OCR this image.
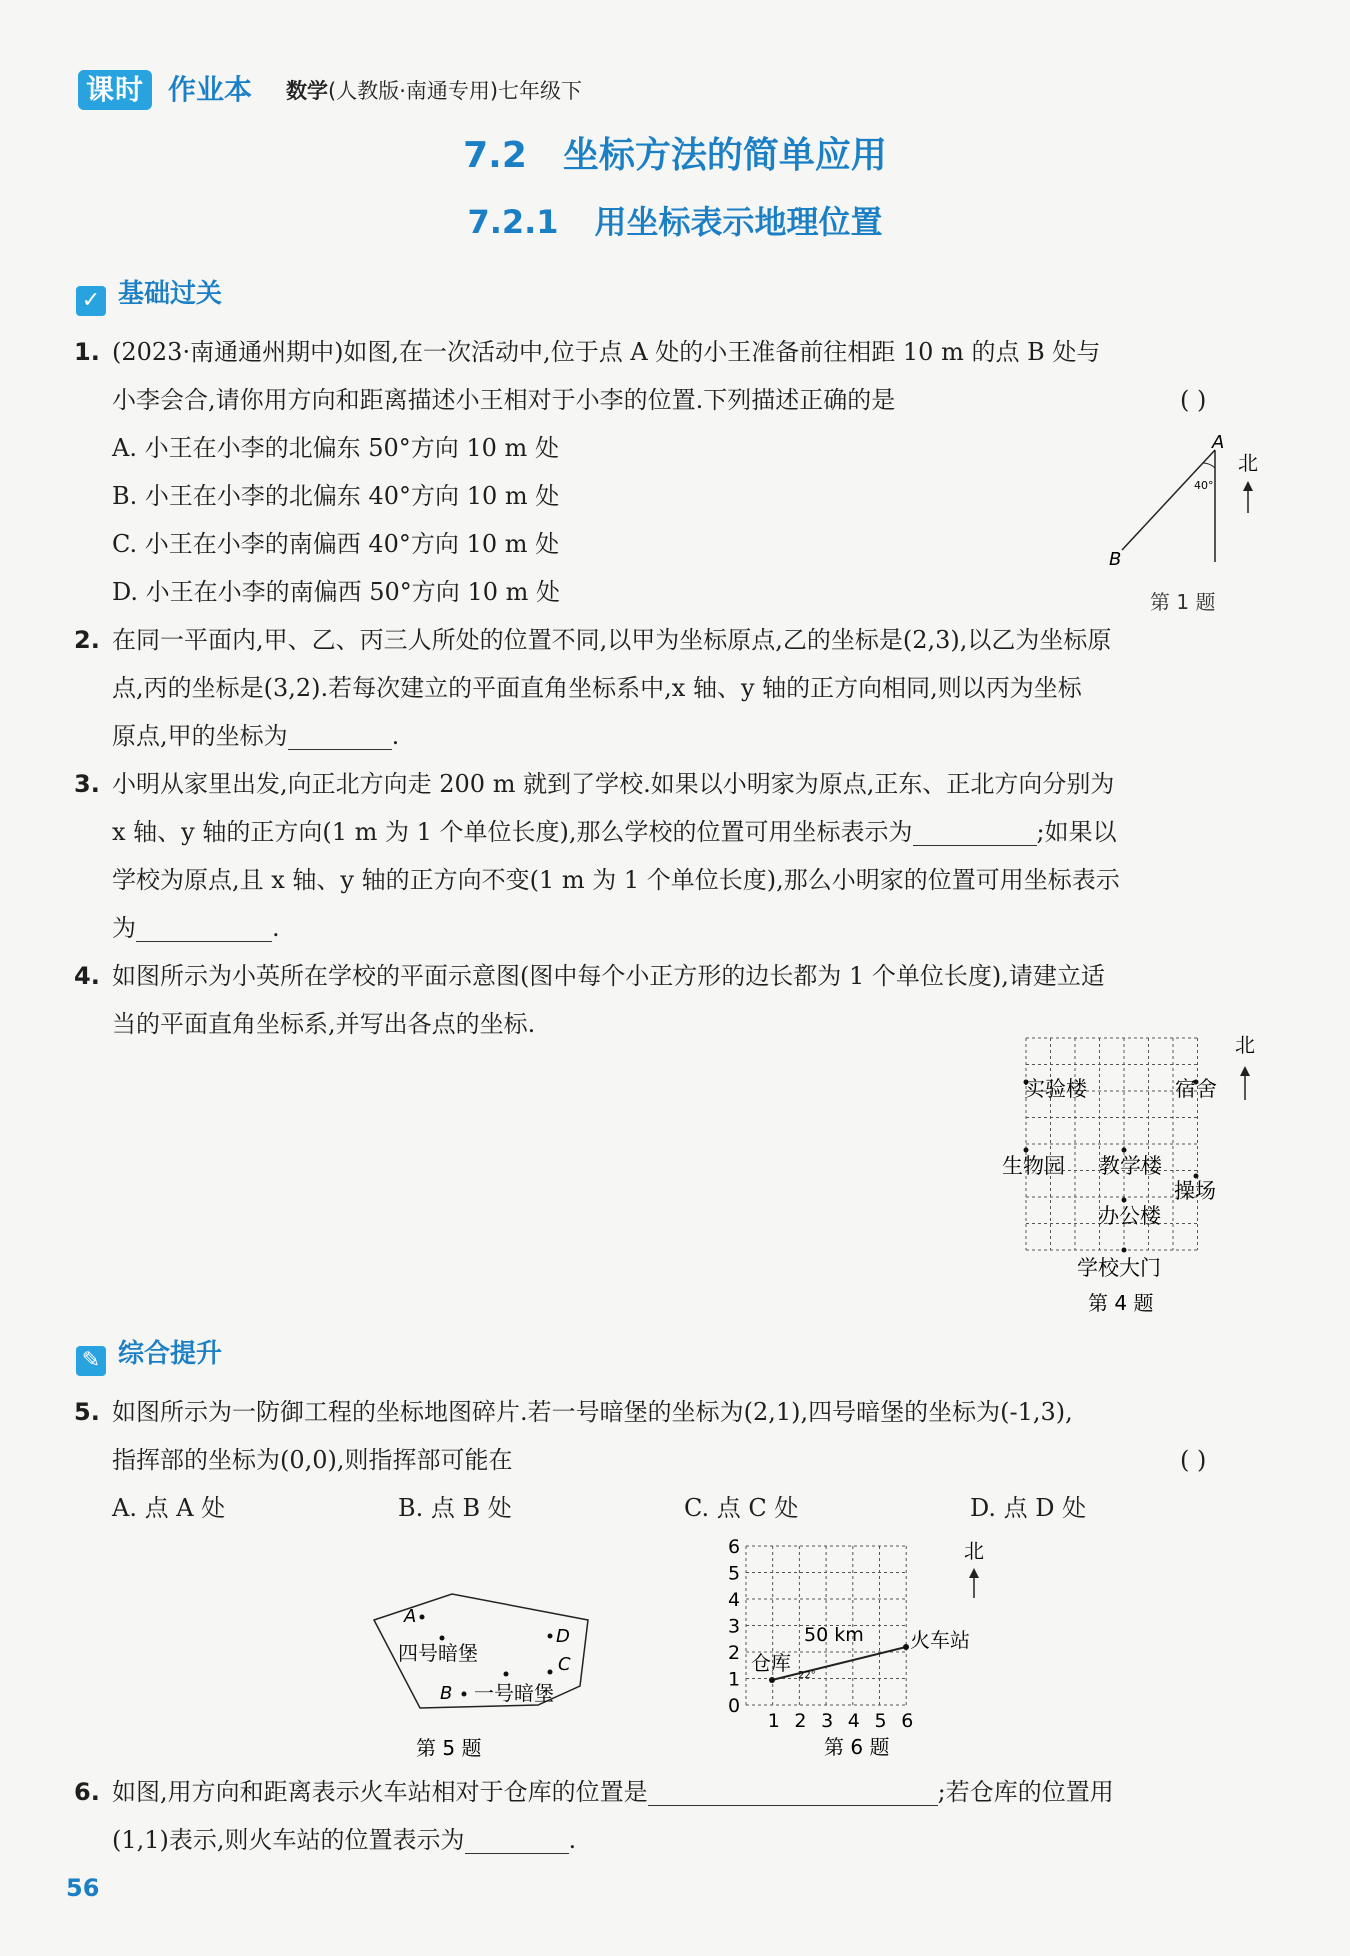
课时 作业本 数学(人教版·南通专用)七年级下
7.2 坐标方法的简单应用
7.2.1 用坐标表示地理位置
✓ 基础过关
1. (2023·南通通州期中)如图,在一次活动中,位于点 A 处的小王准备前往相距 10 m 的点 B 处与
小李会合,请你用方向和距离描述小王相对于小李的位置.下列描述正确的是	( )
A. 小王在小李的北偏东 50°方向 10 m 处
B. 小王在小李的北偏东 40°方向 10 m 处
C. 小王在小李的南偏西 40°方向 10 m 处
D. 小王在小李的南偏西 50°方向 10 m 处
A
B
40°
北
第 1 题
2. 在同一平面内,甲、乙、丙三人所处的位置不同,以甲为坐标原点,乙的坐标是(2,3),以乙为坐标原
点,丙的坐标是(3,2).若每次建立的平面直角坐标系中,x 轴、y 轴的正方向相同,则以丙为坐标
原点,甲的坐标为	.
3. 小明从家里出发,向正北方向走 200 m 就到了学校.如果以小明家为原点,正东、正北方向分别为
x 轴、y 轴的正方向(1 m 为 1 个单位长度),那么学校的位置可用坐标表示为	;如果以
学校为原点,且 x 轴、y 轴的正方向不变(1 m 为 1 个单位长度),那么小明家的位置可用坐标表示
为	.
4. 如图所示为小英所在学校的平面示意图(图中每个小正方形的边长都为 1 个单位长度),请建立适
当的平面直角坐标系,并写出各点的坐标.
实验楼	宿舍
生物园 教学楼
操场
办公楼
学校大门
北
第 4 题
✎ 综合提升
5. 如图所示为一防御工程的坐标地图碎片.若一号暗堡的坐标为(2,1),四号暗堡的坐标为(-1,3),
指挥部的坐标为(0,0),则指挥部可能在	( )
A. 点 A 处	B. 点 B 处	C. 点 C 处	D. 点 D 处
A
四号暗堡
D
C
B 一号暗堡
第 5 题
1 2 3 4 5 6
0
1
2
3
4
5
6
50 km
仓库
22°
火车站
北
第 6 题
6. 如图,用方向和距离表示火车站相对于仓库的位置是	;若仓库的位置用
(1,1)表示,则火车站的位置表示为	.
56
